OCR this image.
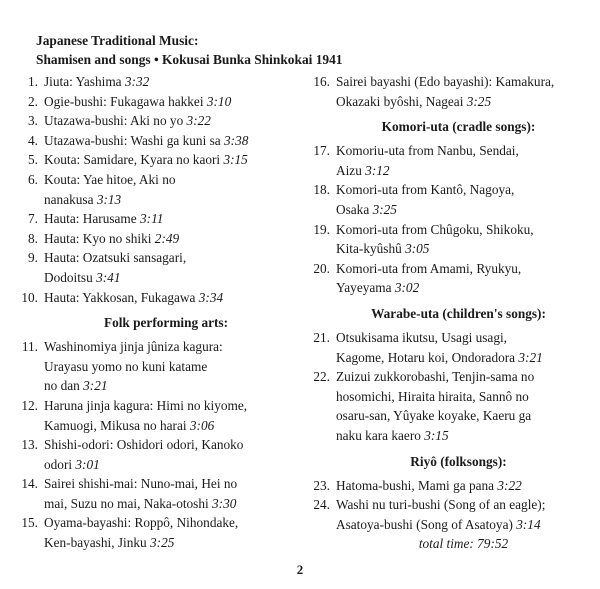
Japanese Traditional Music:
Shamisen and songs • Kokusai Bunka Shinkokai 1941
1. Jiuta: Yashima 3:32
2. Ogie-bushi: Fukagawa hakkei 3:10
3. Utazawa-bushi: Aki no yo 3:22
4. Utazawa-bushi: Washi ga kuni sa 3:38
5. Kouta: Samidare, Kyara no kaori 3:15
6. Kouta: Yae hitoe, Aki no
nanakusa 3:13
7. Hauta: Harusame 3:11
8. Hauta: Kyo no shiki 2:49
9. Hauta: Ozatsuki sansagari,
Dodoitsu 3:41
10. Hauta: Yakkosan, Fukagawa 3:34
Folk performing arts:
11. Washinomiya jinja jûniza kagura:
Urayasu yomo no kuni katame
no dan 3:21
12. Haruna jinja kagura: Himi no kiyome,
Kamuogi, Mikusa no harai 3:06
13. Shishi-odori: Oshidori odori, Kanoko
odori 3:01
14. Sairei shishi-mai: Nuno-mai, Hei no
mai, Suzu no mai, Naka-otoshi 3:30
15. Oyama-bayashi: Roppô, Nihondake,
Ken-bayashi, Jinku 3:25
16. Sairei bayashi (Edo bayashi): Kamakura,
Okazaki byôshi, Nageai 3:25
Komori-uta (cradle songs):
17. Komoriu-uta from Nanbu, Sendai,
Aizu 3:12
18. Komori-uta from Kantô, Nagoya,
Osaka 3:25
19. Komori-uta from Chûgoku, Shikoku,
Kita-kyûshû 3:05
20. Komori-uta from Amami, Ryukyu,
Yayeyama 3:02
Warabe-uta (children's songs):
21. Otsukisama ikutsu, Usagi usagi,
Kagome, Hotaru koi, Ondoradora 3:21
22. Zuizui zukkorobashi, Tenjin-sama no
hosomichi, Hiraita hiraita, Sannô no
osaru-san, Yûyake koyake, Kaeru ga
naku kara kaero 3:15
Riyô (folksongs):
23. Hatoma-bushi, Mami ga pana 3:22
24. Washi nu turi-bushi (Song of an eagle);
Asatoya-bushi (Song of Asatoya) 3:14
total time: 79:52
2
